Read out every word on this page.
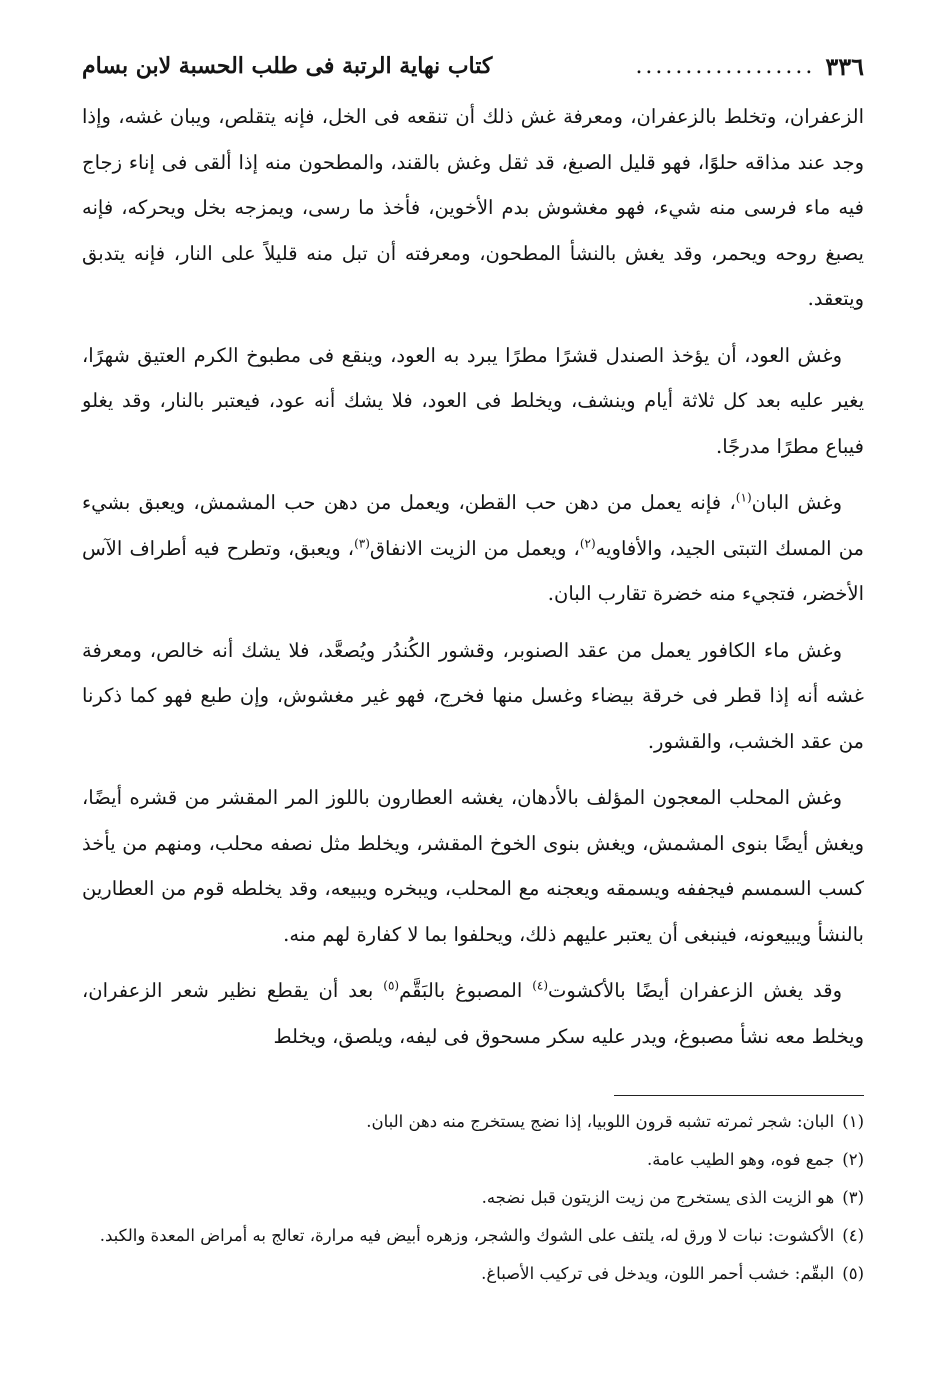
٣٣٦
..................
كتاب نهاية الرتبة فى طلب الحسبة لابن بسام

الزعفران، وتخلط بالزعفران، ومعرفة غش ذلك أن تنقعه فى الخل، فإنه يتقلص، ويبان غشه، وإذا وجد عند مذاقه حلوًا، فهو قليل الصبغ، قد ثقل وغش بالقند، والمطحون منه إذا ألقى فى إناء زجاج فيه ماء فرسى منه شيء، فهو مغشوش بدم الأخوين، فأخذ ما رسى، ويمزجه بخل ويحركه، فإنه يصبغ روحه ويحمر، وقد يغش بالنشأ المطحون، ومعرفته أن تبل منه قليلاً على النار، فإنه يتدبق ويتعقد.

وغش العود، أن يؤخذ الصندل قشرًا مطرًا يبرد به العود، وينقع فى مطبوخ الكرم العتيق شهرًا، يغير عليه بعد كل ثلاثة أيام وينشف، ويخلط فى العود، فلا يشك أنه عود، فيعتبر بالنار، وقد يغلو فيباع مطرًا مدرجًا.

وغش البان$^{(١)}$، فإنه يعمل من دهن حب القطن، ويعمل من دهن حب المشمش، ويعبق بشيء من المسك التبتى الجيد، والأفاويه$^{(٢)}$، ويعمل من الزيت الانفاق$^{(٣)}$، ويعبق، وتطرح فيه أطراف الآس الأخضر، فتجيء منه خضرة تقارب البان.

وغش ماء الكافور يعمل من عقد الصنوبر، وقشور الكُندُر ويُصعَّد، فلا يشك أنه خالص، ومعرفة غشه أنه إذا قطر فى خرقة بيضاء وغسل منها فخرج، فهو غير مغشوش، وإن طبع فهو كما ذكرنا من عقد الخشب، والقشور.

وغش المحلب المعجون المؤلف بالأدهان، يغشه العطارون باللوز المر المقشر من قشره أيضًا، ويغش أيضًا بنوى المشمش، ويغش بنوى الخوخ المقشر، ويخلط مثل نصفه محلب، ومنهم من يأخذ كسب السمسم فيجففه ويسمقه ويعجنه مع المحلب، ويبخره ويبيعه، وقد يخلطه قوم من العطارين بالنشأ ويبيعونه، فينبغى أن يعتبر عليهم ذلك، ويحلفوا بما لا كفارة لهم منه.

وقد يغش الزعفران أيضًا بالأكشوت$^{(٤)}$ المصبوغ بالبَقَّم$^{(٥)}$ بعد أن يقطع نظير شعر الزعفران، ويخلط معه نشأ مصبوغ، ويدر عليه سكر مسحوق فى ليفه، ويلصق، ويخلط

(١)
البان: شجر ثمرته تشبه قرون اللوبيا، إذا نضج يستخرج منه دهن البان.
(٢)
جمع فوه، وهو الطيب عامة.
(٣)
هو الزيت الذى يستخرج من زيت الزيتون قبل نضجه.
(٤)
الأكشوت: نبات لا ورق له، يلتف على الشوك والشجر، وزهره أبيض فيه مرارة، تعالج به أمراض المعدة والكبد.
(٥)
البقّم: خشب أحمر اللون، ويدخل فى تركيب الأصباغ.
